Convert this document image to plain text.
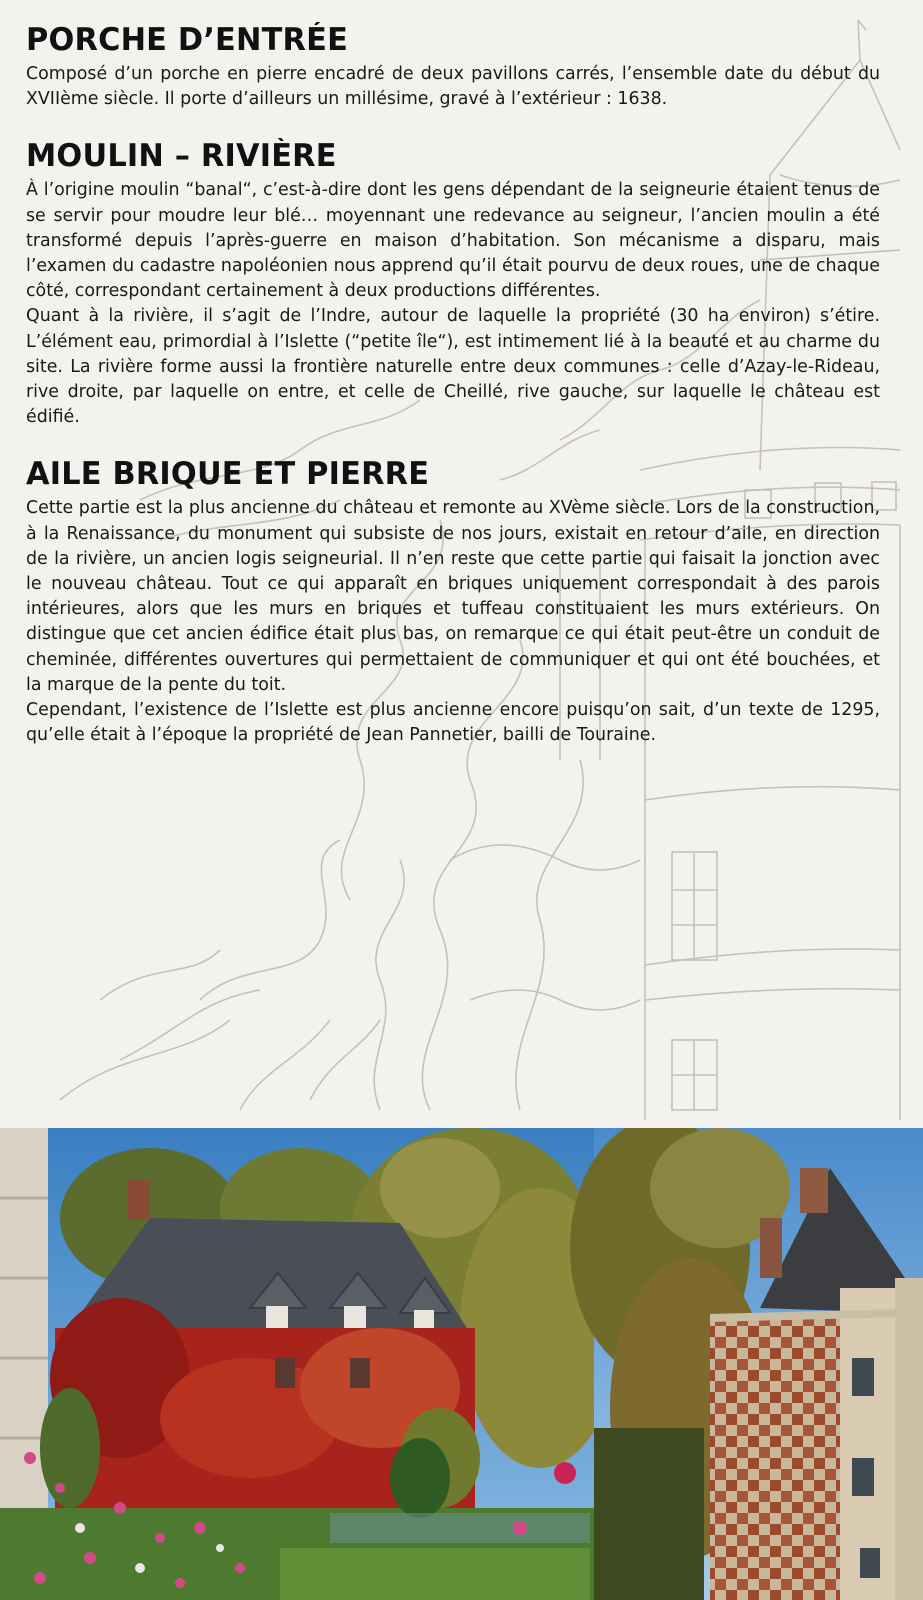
PORCHE D’ENTRÉE

Composé d’un porche en pierre encadré de deux pavillons carrés, l’ensemble date du début du XVIIème siècle. Il porte d’ailleurs un millésime, gravé à l’extérieur : 1638.

MOULIN – RIVIÈRE

À l’origine moulin “banal“, c’est-à-dire dont les gens dépendant de la seigneurie étaient tenus de se servir pour moudre leur blé… moyennant une redevance au seigneur, l’ancien moulin a été transformé depuis l’après-guerre en maison d’habitation. Son mécanisme a disparu, mais l’examen du cadastre napoléonien nous apprend qu’il était pourvu de deux roues, une de chaque côté, correspondant certainement à deux productions différentes.

Quant à la rivière, il s’agit de l’Indre, autour de laquelle la propriété (30 ha environ) s’étire. L’élément eau, primordial à l’Islette (“petite île“), est intimement lié à la beauté et au charme du site. La rivière forme aussi la frontière naturelle entre deux communes : celle d’Azay-le-Rideau, rive droite, par laquelle on entre, et celle de Cheillé, rive gauche, sur laquelle le château est édifié.

AILE BRIQUE ET PIERRE

Cette partie est la plus ancienne du château et remonte au XVème siècle. Lors de la construction, à la Renaissance, du monument qui subsiste de nos jours, existait en retour d’aile, en direction de la rivière, un ancien logis seigneurial. Il n’en reste que cette partie qui faisait la jonction avec le nouveau château. Tout ce qui apparaît en briques uniquement correspondait à des parois intérieures, alors que les murs en briques et tuffeau constituaient les murs extérieurs. On distingue que cet ancien édifice était plus bas, on remarque ce qui était peut-être un conduit de cheminée, différentes ouvertures qui permettaient de communiquer et qui ont été bouchées, et la marque de la pente du toit.

Cependant, l’existence de l’Islette est plus ancienne encore puisqu’on sait, d’un texte de 1295, qu’elle était à l’époque la propriété de Jean Pannetier, bailli de Touraine.
